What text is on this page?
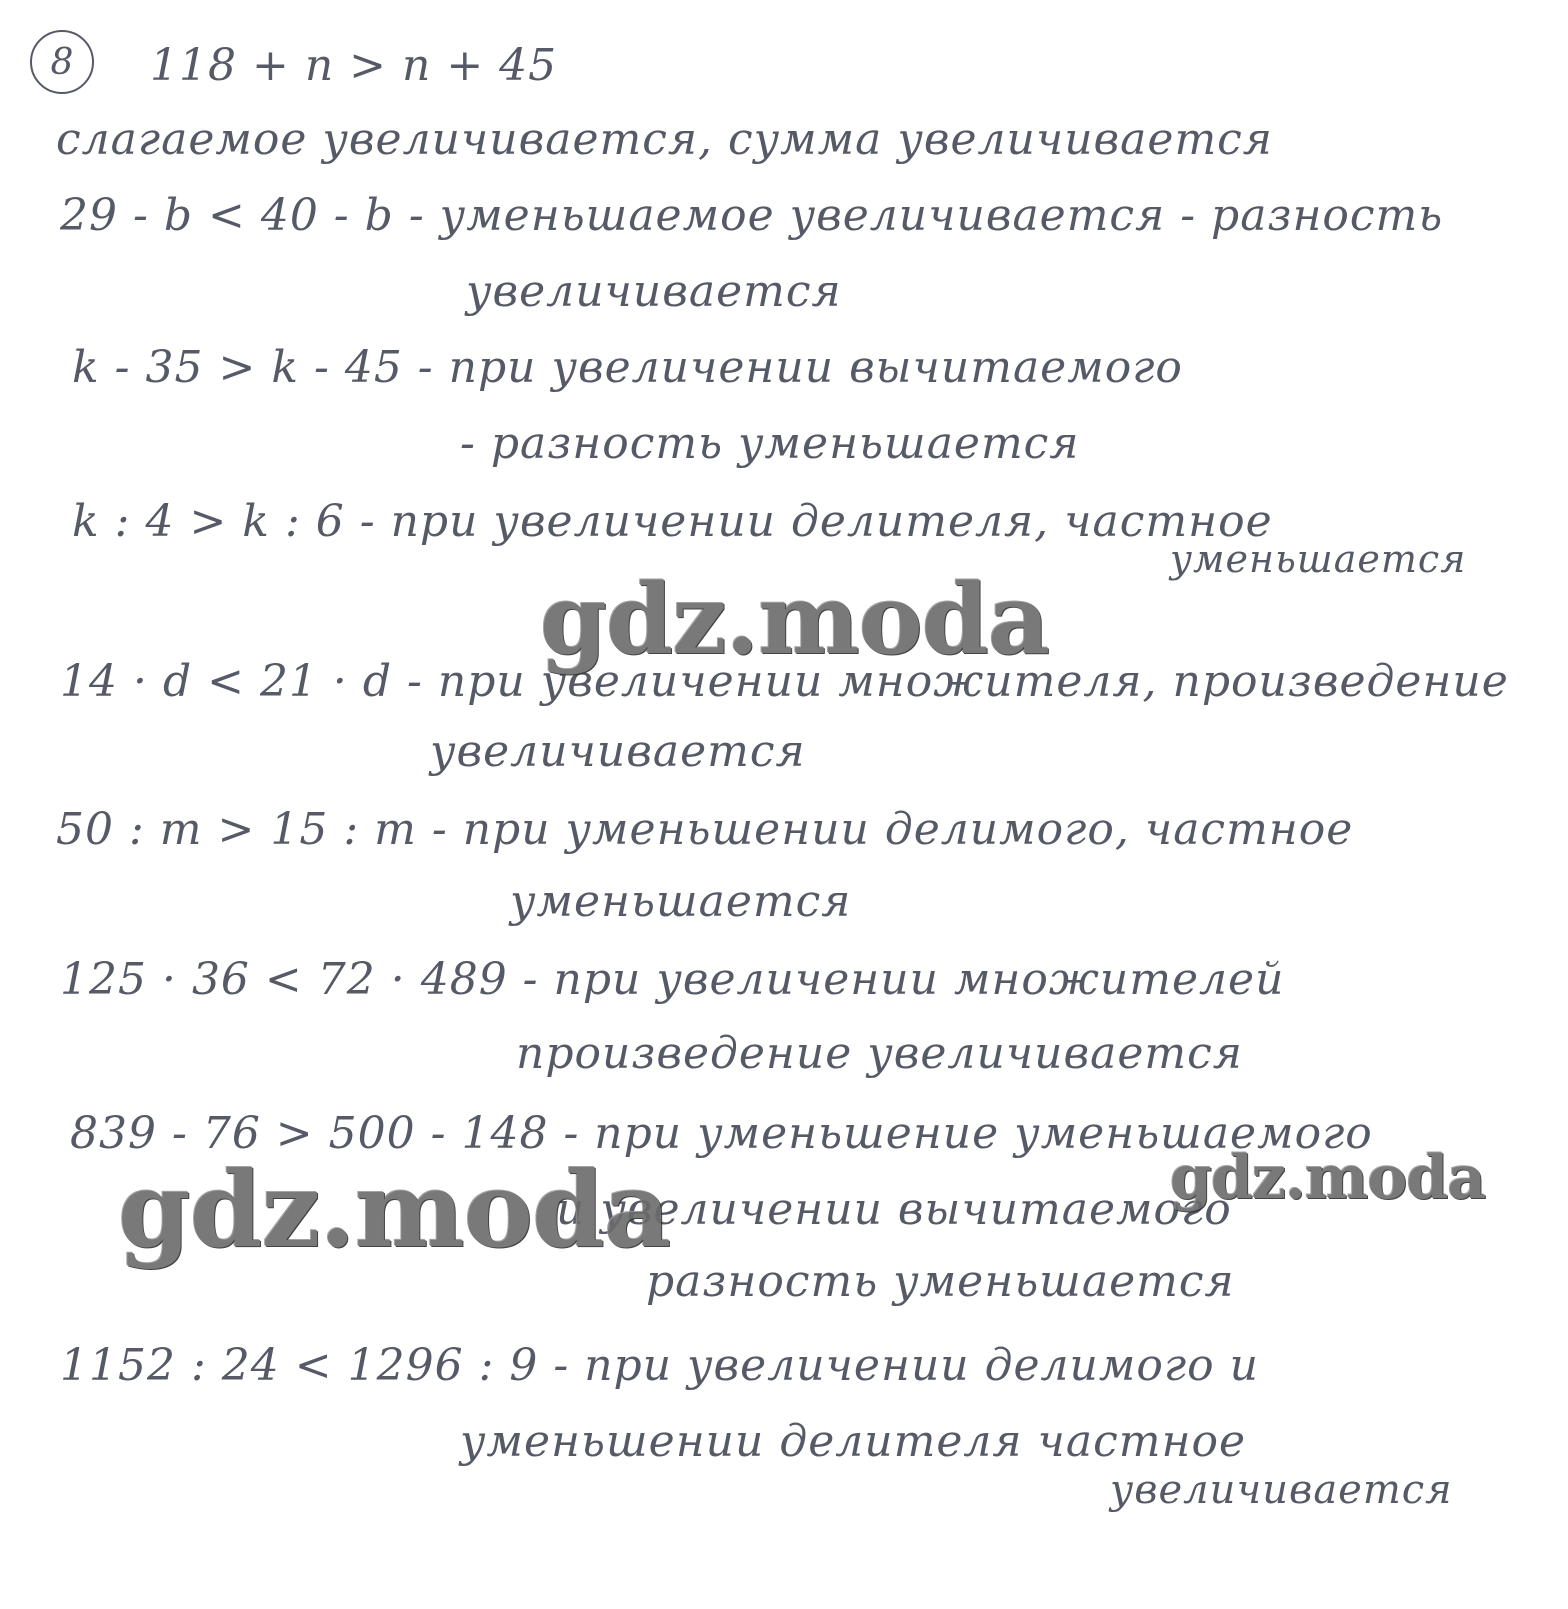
8 118 + n > n + 45
слагаемое увеличивается, сумма увеличивается
29 - b < 40 - b - уменьшаемое увеличивается - разность
увеличивается
k - 35 > k - 45 - при увеличении вычитаемого
- разность уменьшается
k : 4 > k : 6 - при увеличении делителя, частное
уменьшается
14 · d < 21 · d - при увеличении множителя, произведение
увеличивается
50 : m > 15 : m - при уменьшении делимого, частное
уменьшается
125 · 36 < 72 · 489 - при увеличении множителей
произведение увеличивается
839 - 76 > 500 - 148 - при уменьшение уменьшаемого
и увеличении вычитаемого
разность уменьшается
1152 : 24 < 1296 : 9 - при увеличении делимого и
уменьшении делителя частное
увеличивается
gdz.moda
gdz.moda	gdz.moda
